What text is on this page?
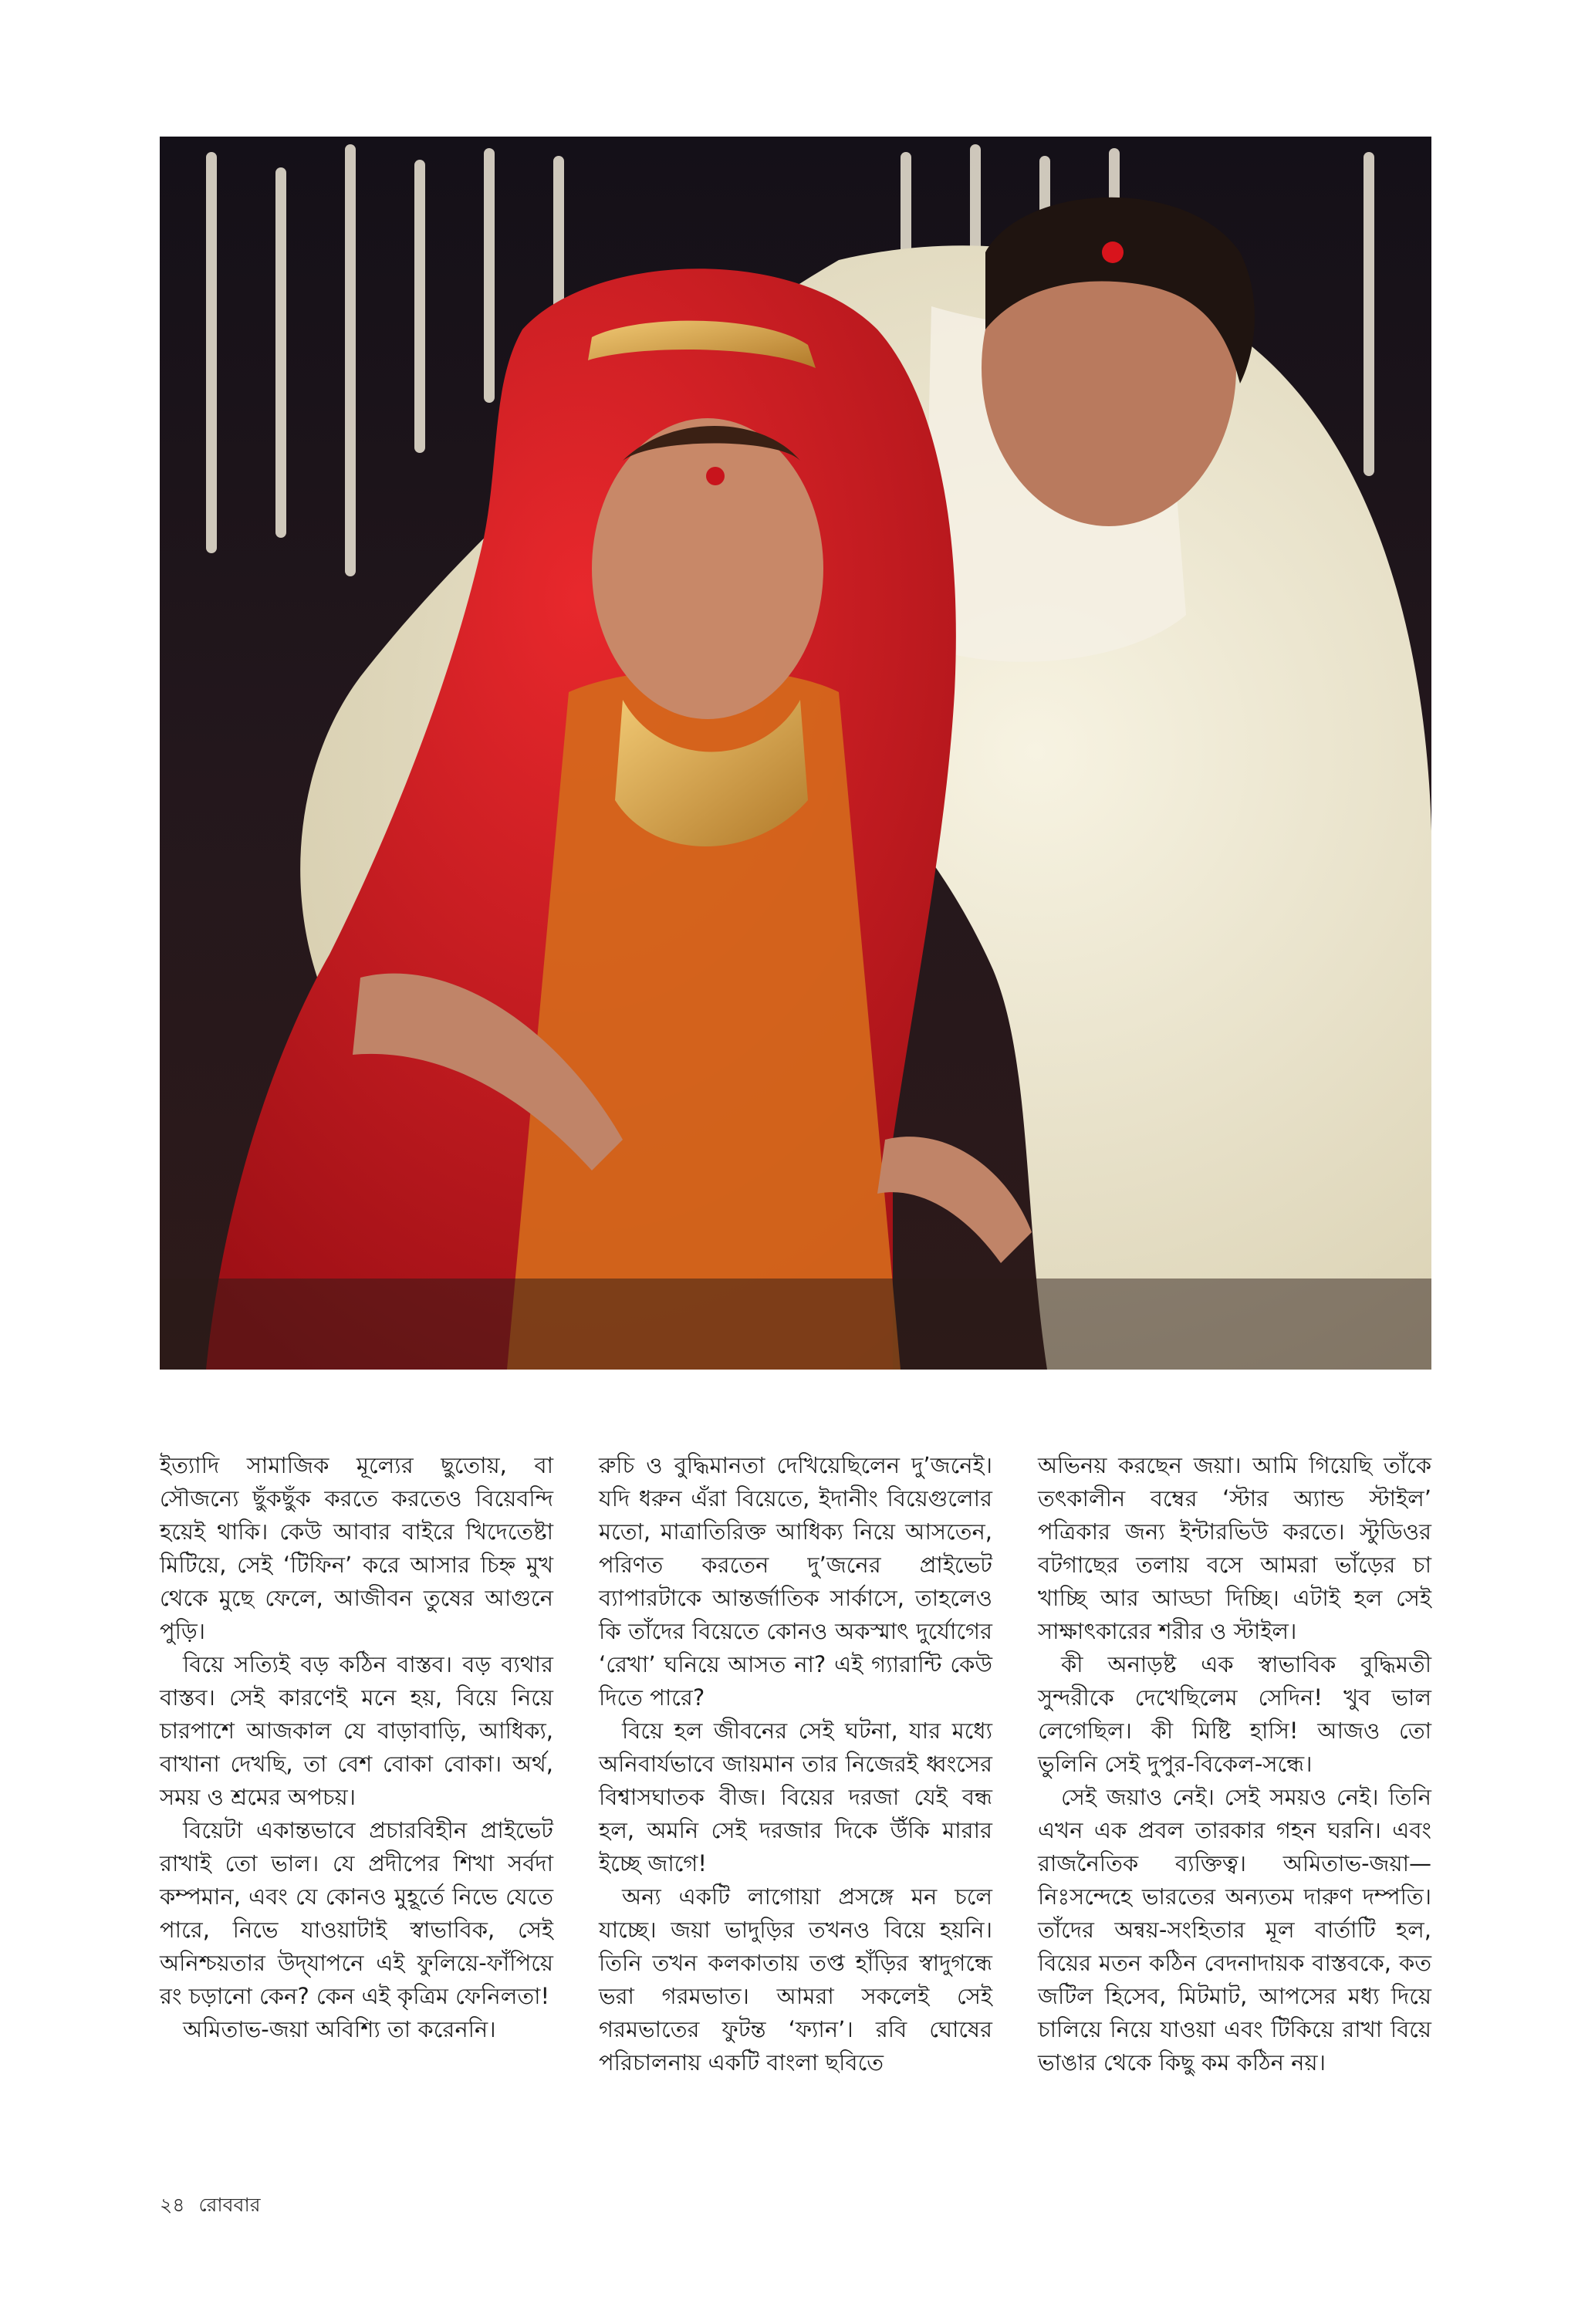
ইত্যাদি সামাজিক মূল্যের ছুতোয়, বা সৌজন্যে ছুঁকছুঁক করতে করতেও বিয়েবন্দি হয়েই থাকি। কেউ আবার বাইরে খিদেতেষ্টা মিটিয়ে, সেই ‘টিফিন’ করে আসার চিহ্ন মুখ থেকে মুছে ফেলে, আজীবন তুষের আগুনে পুড়ি।

বিয়ে সত্যিই বড় কঠিন বাস্তব। বড় ব্যথার বাস্তব। সেই কারণেই মনে হয়, বিয়ে নিয়ে চারপাশে আজকাল যে বাড়াবাড়ি, আধিক্য, বাখানা দেখছি, তা বেশ বোকা বোকা। অর্থ, সময় ও শ্রমের অপচয়।

বিয়েটা একান্তভাবে প্রচারবিহীন প্রাইভেট রাখাই তো ভাল। যে প্রদীপের শিখা সর্বদা কম্পমান, এবং যে কোনও মুহূর্তে নিভে যেতে পারে, নিভে যাওয়াটাই স্বাভাবিক, সেই অনিশ্চয়তার উদ্‌যাপনে এই ফুলিয়ে-ফাঁপিয়ে রং চড়ানো কেন? কেন এই কৃত্রিম ফেনিলতা!

অমিতাভ-জয়া অবিশ্যি তা করেননি।

রুচি ও বুদ্ধিমানতা দেখিয়েছিলেন দু’জনেই। যদি ধরুন এঁরা বিয়েতে, ইদানীং বিয়েগুলোর মতো, মাত্রাতিরিক্ত আধিক্য নিয়ে আসতেন, পরিণত করতেন দু’জনের প্রাইভেট ব্যাপারটাকে আন্তর্জাতিক সার্কাসে, তাহলেও কি তাঁদের বিয়েতে কোনও অকস্মাৎ দুর্যোগের ‘রেখা’ ঘনিয়ে আসত না? এই গ্যারান্টি কেউ দিতে পারে?

বিয়ে হল জীবনের সেই ঘটনা, যার মধ্যে অনিবার্যভাবে জায়মান তার নিজেরই ধ্বংসের বিশ্বাসঘাতক বীজ। বিয়ের দরজা যেই বন্ধ হল, অমনি সেই দরজার দিকে উঁকি মারার ইচ্ছে জাগে!

অন্য একটি লাগোয়া প্রসঙ্গে মন চলে যাচ্ছে। জয়া ভাদুড়ির তখনও বিয়ে হয়নি। তিনি তখন কলকাতায় তপ্ত হাঁড়ির স্বাদুগন্ধে ভরা গরমভাত। আমরা সকলেই সেই গরমভাতের ফুটন্ত ‘ফ্যান’। রবি ঘোষের পরিচালনায় একটি বাংলা ছবিতে

অভিনয় করছেন জয়া। আমি গিয়েছি তাঁকে তৎকালীন বম্বের ‘স্টার অ্যান্ড স্টাইল’ পত্রিকার জন্য ইন্টারভিউ করতে। স্টুডিওর বটগাছের তলায় বসে আমরা ভাঁড়ের চা খাচ্ছি আর আড্ডা দিচ্ছি। এটাই হল সেই সাক্ষাৎকারের শরীর ও স্টাইল।

কী অনাড়ষ্ট এক স্বাভাবিক বুদ্ধিমতী সুন্দরীকে দেখেছিলেম সেদিন! খুব ভাল লেগেছিল। কী মিষ্টি হাসি! আজও তো ভুলিনি সেই দুপুর-বিকেল-সন্ধে।

সেই জয়াও নেই। সেই সময়ও নেই। তিনি এখন এক প্রবল তারকার গহন ঘরনি। এবং রাজনৈতিক ব্যক্তিত্ব। অমিতাভ-জয়া— নিঃসন্দেহে ভারতের অন্যতম দারুণ দম্পতি। তাঁদের অন্বয়-সংহিতার মূল বার্তাটি হল, বিয়ের মতন কঠিন বেদনাদায়ক বাস্তবকে, কত জটিল হিসেব, মিটমাট, আপসের মধ্য দিয়ে চালিয়ে নিয়ে যাওয়া এবং টিকিয়ে রাখা বিয়ে ভাঙার থেকে কিছু কম কঠিন নয়।

২৪ রোববার
